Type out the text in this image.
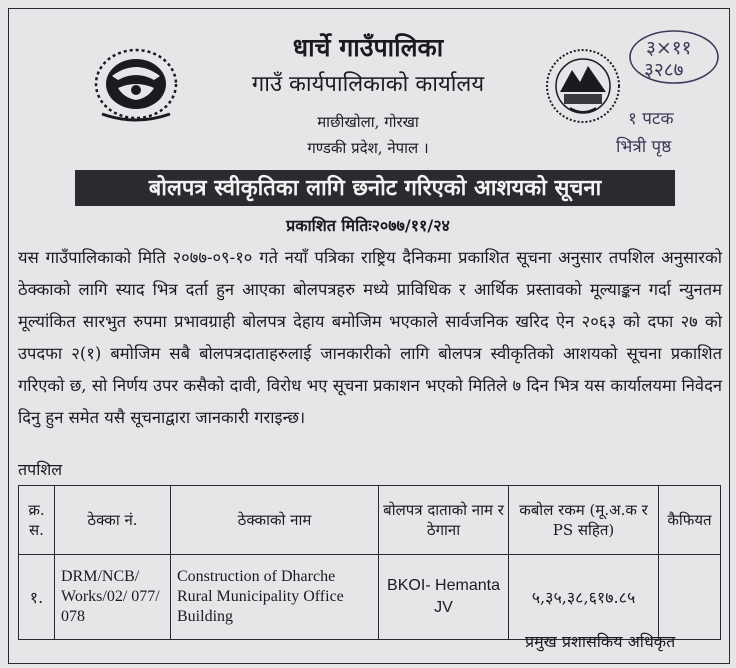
३×११
३२८७
१ पटक
भित्री पृष्ठ
धार्चे गाउँपालिका
गाउँ कार्यपालिकाको कार्यालय
माछीखोला, गोरखा
गण्डकी प्रदेश, नेपाल ।
बोलपत्र स्वीकृतिका लागि छनोट गरिएको आशयको सूचना
प्रकाशित मितिः२०७७/११/२४
यस गाउँपालिकाको मिति २०७७-०९-१० गते नयाँ पत्रिका राष्ट्रिय दैनिकमा प्रकाशित सूचना अनुसार तपशिल अनुसारको ठेक्काको लागि स्याद भित्र दर्ता हुन आएका बोलपत्रहरु मध्ये प्राविधिक र आर्थिक प्रस्तावको मूल्याङ्कन गर्दा न्युनतम मूल्यांकित सारभुत रुपमा प्रभावग्राही बोलपत्र देहाय बमोजिम भएकाले सार्वजनिक खरिद ऐन २०६३ को दफा २७ को उपदफा २(१) बमोजिम सबै बोलपत्रदाताहरुलाई जानकारीको लागि बोलपत्र स्वीकृतिको आशयको सूचना प्रकाशित गरिएको छ, सो निर्णय उपर कसैको दावी, विरोध भए सूचना प्रकाशन भएको मितिले ७ दिन भित्र यस कार्यालयमा निवेदन दिनु हुन समेत यसै सूचनाद्वारा जानकारी गराइन्छ।
तपशिल
क्र. स.	ठेक्का नं.	ठेक्काको नाम	बोलपत्र दाताको नाम र ठेगाना	कबोल रकम (मू.अ.क र PS सहित)	कैफियत
१.	DRM/NCB/ Works/02/ 077/ 078	Construction of Dharche Rural Municipality Office Building	BKOI- Hemanta JV	५,३५,३८,६१७.८५	
प्रमुख प्रशासकिय अधिकृत
